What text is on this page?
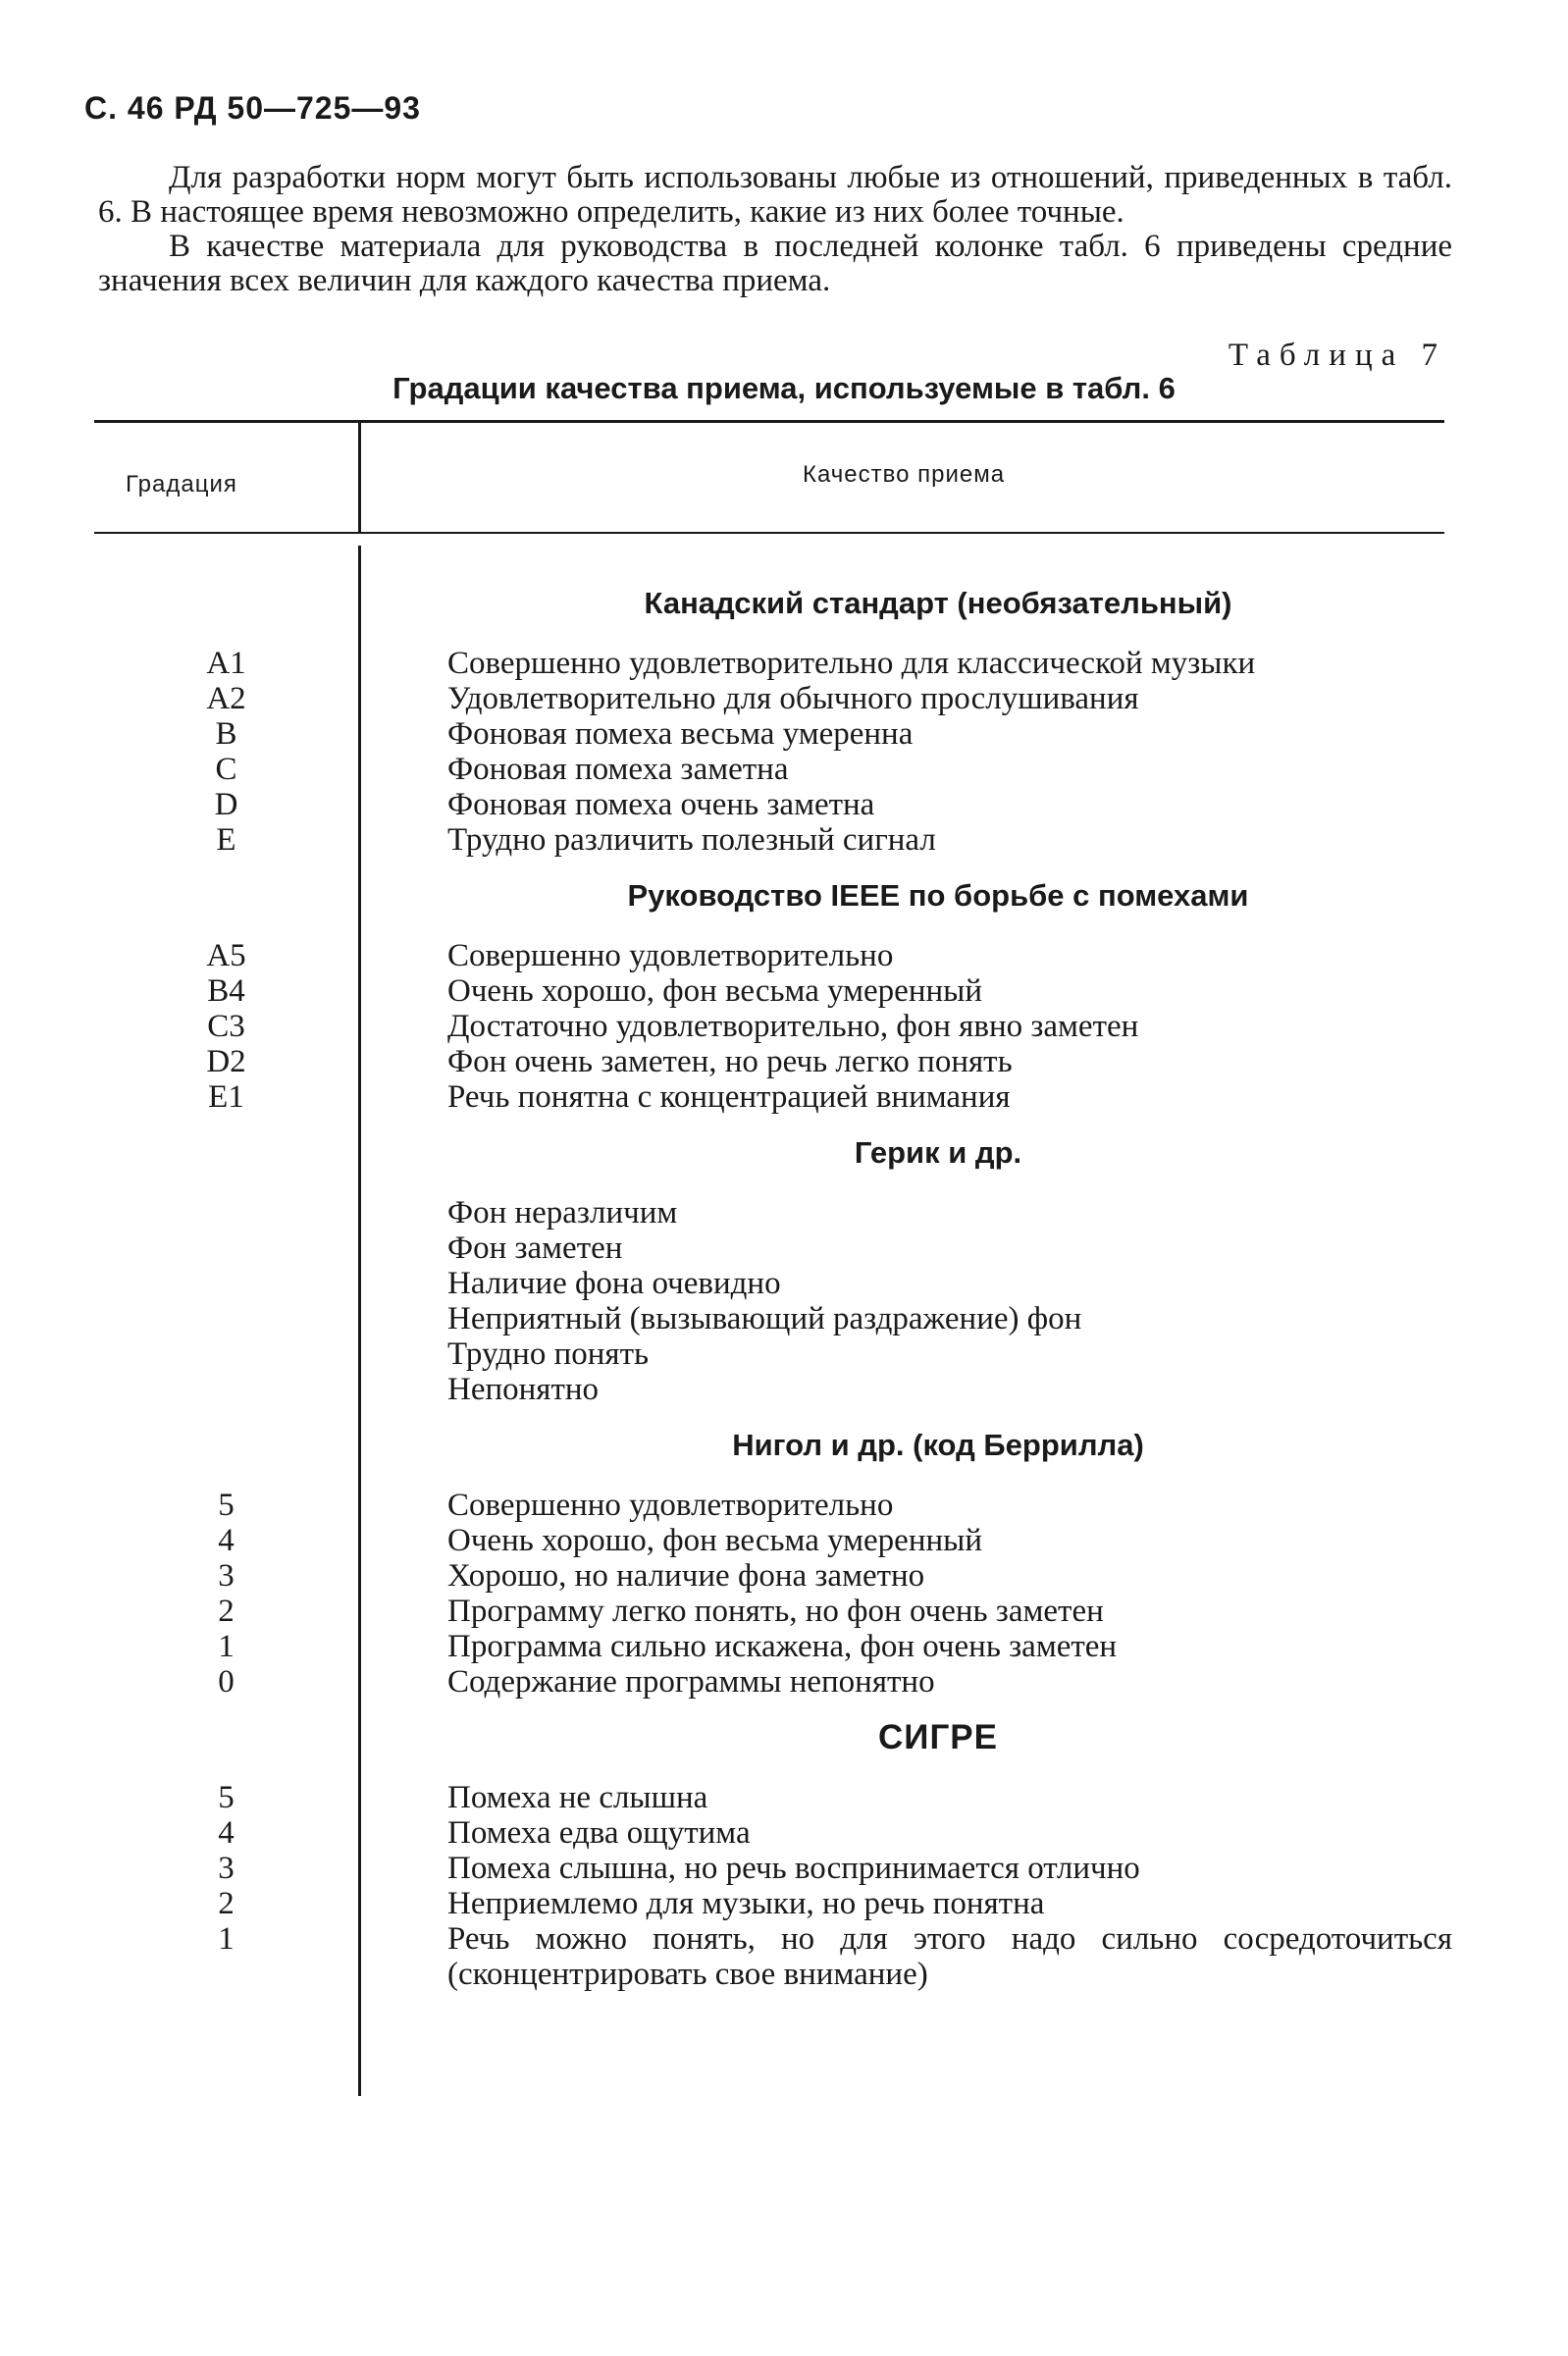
С. 46 РД 50—725—93

Для разработки норм могут быть использованы любые из отношений, приведенных в табл. 6. В настоящее время невозможно определить, какие из них более точные.

В качестве материала для руководства в последней колонке табл. 6 приведены средние значения всех величин для каждого качества приема.

Таблица 7
Градации качества приема, используемые в табл. 6
Градация	Качество приема
A1
A2
B
C
D
E
A5
B4
C3
D2
E1
5
4
3
2
1
0
5
4
3
2
1
Канадский стандарт (необязательный)
Совершенно удовлетворительно для классической музыки
Удовлетворительно для обычного прослушивания
Фоновая помеха весьма умеренна
Фоновая помеха заметна
Фоновая помеха очень заметна
Трудно различить полезный сигнал
Руководство IEEE по борьбе с помехами
Совершенно удовлетворительно
Очень хорошо, фон весьма умеренный
Достаточно удовлетворительно, фон явно заметен
Фон очень заметен, но речь легко понять
Речь понятна с концентрацией внимания
Герик и др.
Фон неразличим
Фон заметен
Наличие фона очевидно
Неприятный (вызывающий раздражение) фон
Трудно понять
Непонятно
Нигол и др. (код Беррилла)
Совершенно удовлетворительно
Очень хорошо, фон весьма умеренный
Хорошо, но наличие фона заметно
Программу легко понять, но фон очень заметен
Программа сильно искажена, фон очень заметен
Содержание программы непонятно
СИГРЕ
Помеха не слышна
Помеха едва ощутима
Помеха слышна, но речь воспринимается отлично
Неприемлемо для музыки, но речь понятна
Речь можно понять, но для этого надо сильно сосредоточиться (сконцентрировать свое внимание)
